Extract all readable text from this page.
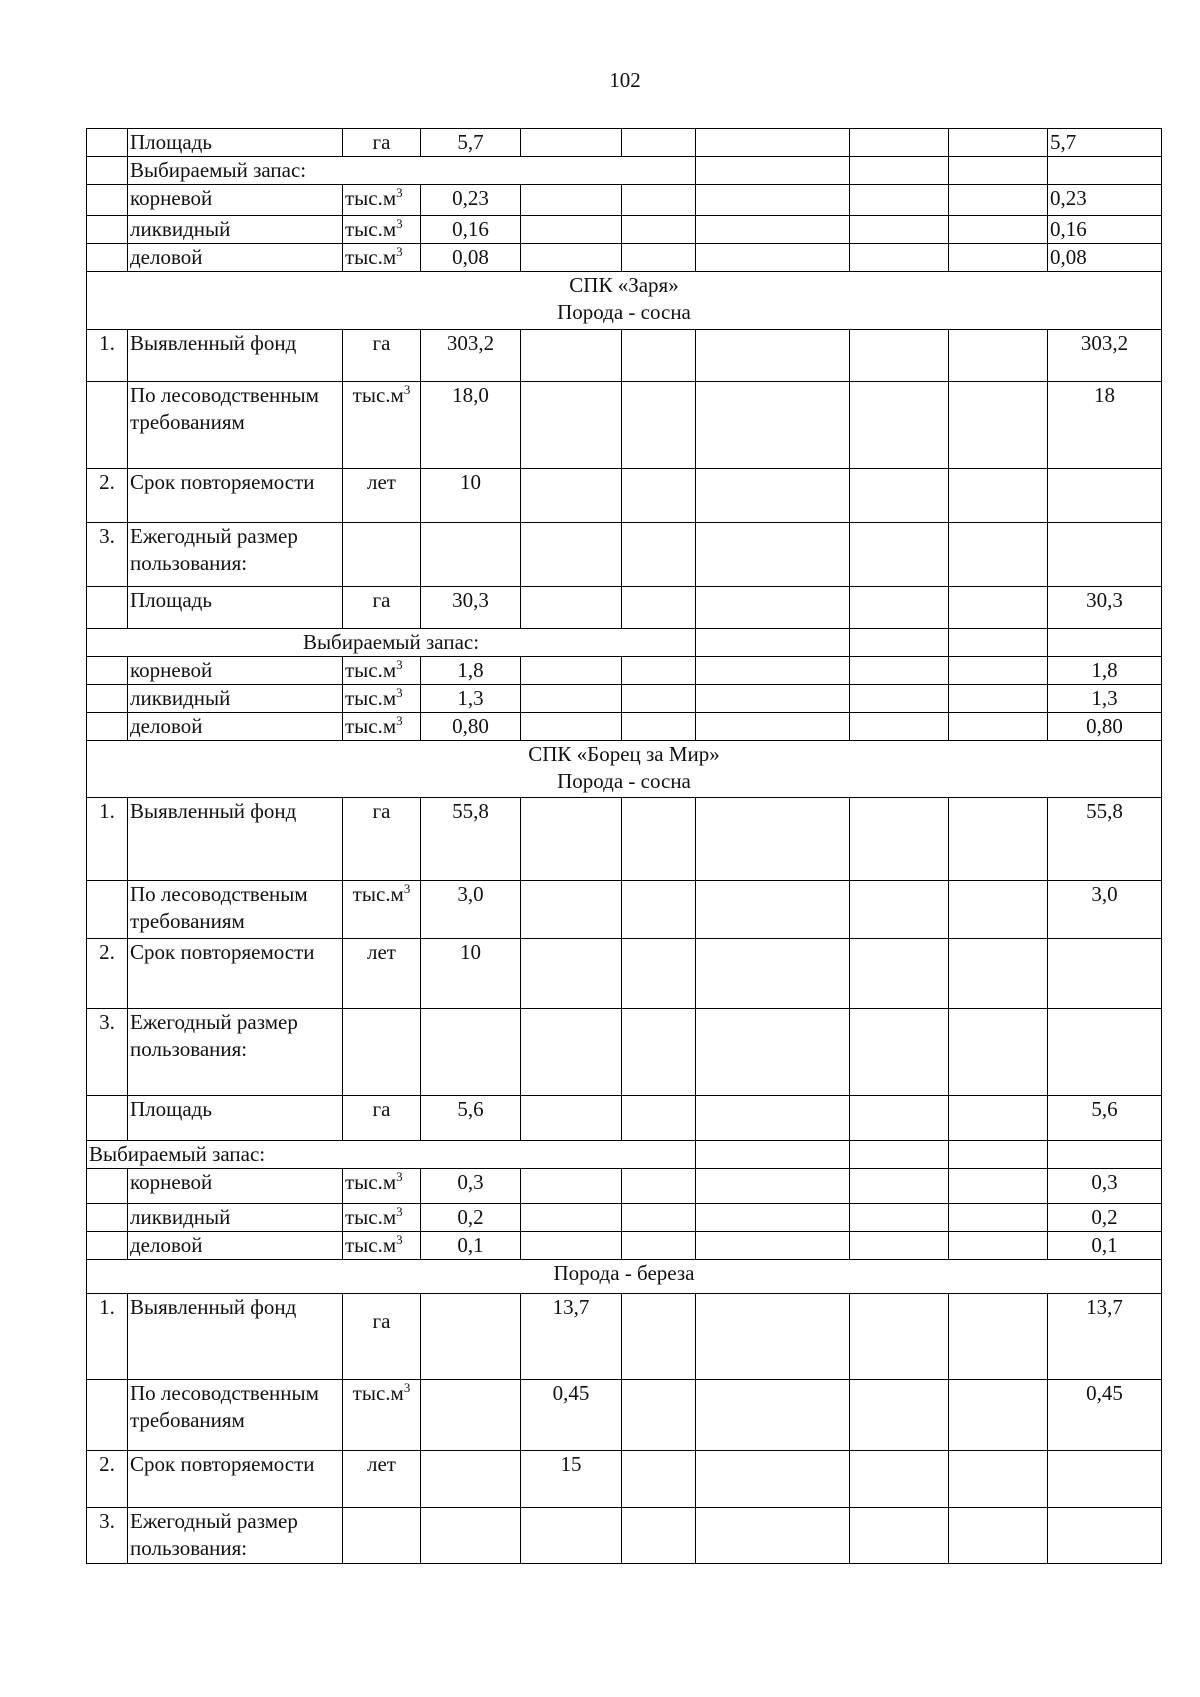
102
	Площадь	га	5,7						5,7
	Выбираемый запас:								
	корневой	$тыс.м^3$	0,23						0,23
	ликвидный	$тыс.м^3$	0,16						0,16
	деловой	$тыс.м^3$	0,08						0,08

СПК «Заря»
Порода - сосна									

1.	Выявленный фонд	га	303,2						303,2
	По лесоводственным требованиям	$тыс.м^3$	18,0						18
2.	Срок повторяемости	лет	10						
3.	Ежегодный размер пользования:								
	Площадь	га	30,3						30,3
Выбираемый запас:									
	корневой	$тыс.м^3$	1,8						1,8
	ликвидный	$тыс.м^3$	1,3						1,3
	деловой	$тыс.м^3$	0,80						0,80

СПК «Борец за Мир»
Порода - сосна									

1.	Выявленный фонд	га	55,8						55,8
	По лесоводственым требованиям	$тыс.м^3$	3,0						3,0
2.	Срок повторяемости	лет	10						
3.	Ежегодный размер пользования:								
	Площадь	га	5,6						5,6
Выбираемый запас:									
	корневой	$тыс.м^3$	0,3						0,3
	ликвидный	$тыс.м^3$	0,2						0,2
	деловой	$тыс.м^3$	0,1						0,1
Порода - береза									
1.	Выявленный фонд	га		13,7					13,7
	По лесоводственным требованиям	$тыс.м^3$		0,45					0,45
2.	Срок повторяемости	лет		15					
3.	Ежегодный размер пользования:								
